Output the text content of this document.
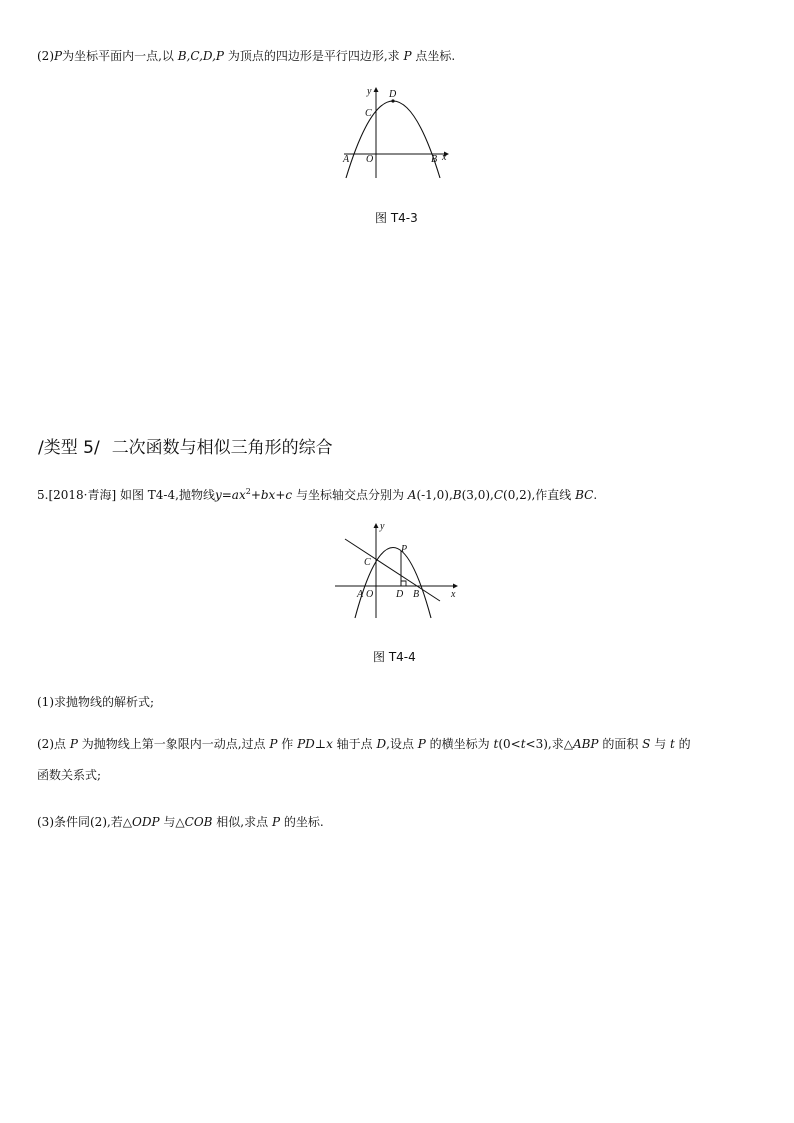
(2)P为坐标平面内一点,以 B,C,D,P 为顶点的四边形是平行四边形,求 P 点坐标.
y D
C
A O	B x
图 T4-3
/类型 5/ 二次函数与相似三角形的综合
5.[2018·青海] 如图 T4-4,抛物线$y=ax^2+bx+c$ 与坐标轴交点分别为 A(-1,0),B(3,0),C(0,2),作直线 BC.
y
P
C
A O D B	x
图 T4-4
(1)求抛物线的解析式;
(2)点 P 为抛物线上第一象限内一动点,过点 P 作 PD⊥x 轴于点 D,设点 P 的横坐标为 t(0<t<3),求△ABP 的面积 S 与 t 的
函数关系式;
(3)条件同(2),若△ODP 与△COB 相似,求点 P 的坐标.
